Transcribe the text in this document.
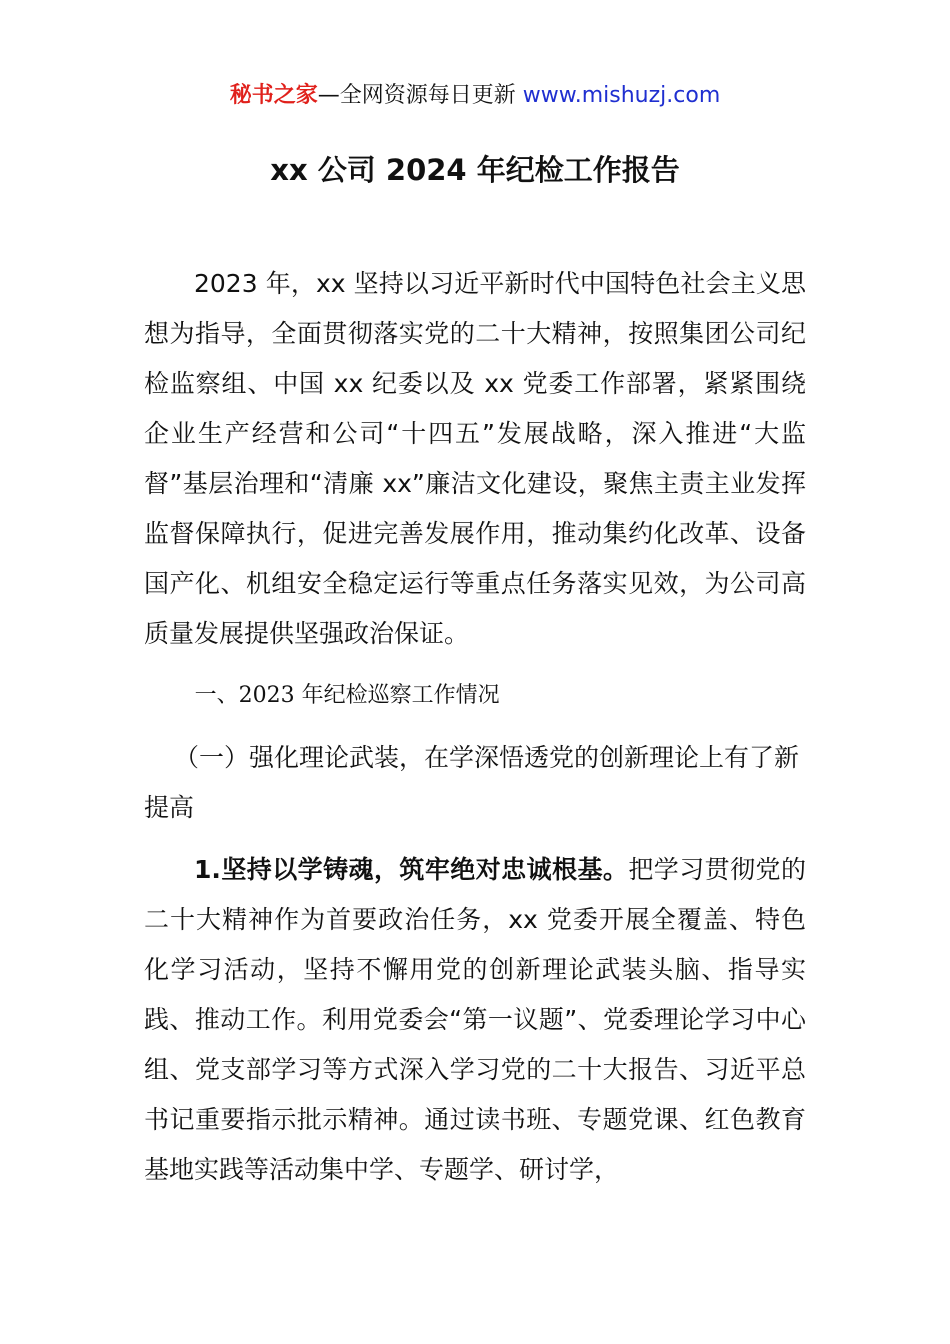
秘书之家—全网资源每日更新 www.mishuzj.com
xx 公司 2024 年纪检工作报告

2023 年，xx 坚持以习近平新时代中国特色社会主义思想为指导，全面贯彻落实党的二十大精神，按照集团公司纪检监察组、中国 xx 纪委以及 xx 党委工作部署，紧紧围绕企业生产经营和公司“十四五”发展战略，深入推进“大监督”基层治理和“清廉 xx”廉洁文化建设，聚焦主责主业发挥监督保障执行，促进完善发展作用，推动集约化改革、设备国产化、机组安全稳定运行等重点任务落实见效，为公司高质量发展提供坚强政治保证。

一、2023 年纪检巡察工作情况

（一）强化理论武装，在学深悟透党的创新理论上有了新提高

1.坚持以学铸魂，筑牢绝对忠诚根基。把学习贯彻党的二十大精神作为首要政治任务，xx 党委开展全覆盖、特色化学习活动，坚持不懈用党的创新理论武装头脑、指导实践、推动工作。利用党委会“第一议题”、党委理论学习中心组、党支部学习等方式深入学习党的二十大报告、习近平总书记重要指示批示精神。通过读书班、专题党课、红色教育基地实践等活动集中学、专题学、研讨学，
